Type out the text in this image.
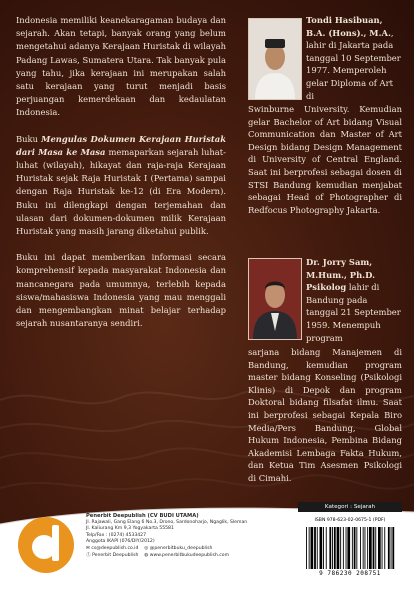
Indonesia memiliki keanekaragaman budaya dan sejarah. Akan tetapi, banyak orang yang belum mengetahui adanya Kerajaan Huristak di wilayah Padang Lawas, Sumatera Utara. Tak banyak pula yang tahu, jika kerajaan ini merupakan salah satu kerajaan yang turut menjadi basis perjuangan kemerdekaan dan kedaulatan Indonesia.

Buku Mengulas Dokumen Kerajaan Huristak dari Masa ke Masa memaparkan sejarah luhat-luhat (wilayah), hikayat dan raja-raja Kerajaan Huristak sejak Raja Huristak I (Pertama) sampai dengan Raja Huristak ke-12 (di Era Modern). Buku ini dilengkapi dengan terjemahan dan ulasan dari dokumen-dokumen milik Kerajaan Huristak yang masih jarang diketahui publik.

Buku ini dapat memberikan informasi secara komprehensif kepada masyarakat Indonesia dan mancanegara pada umumnya, terlebih kepada siswa/mahasiswa Indonesia yang mau menggali dan mengembangkan minat belajar terhadap sejarah nusantaranya sendiri.

Tondi Hasibuan, B.A. (Hons)., M.A., lahir di Jakarta pada tanggal 10 September 1977. Memperoleh gelar Diploma of Art di
Swinburne University. Kemudian gelar Bachelor of Art bidang Visual Communication dan Master of Art Design bidang Design Management di University of Central England. Saat ini berprofesi sebagai dosen di STSI Bandung kemudian menjabat sebagai Head of Photographer di Redfocus Photography Jakarta.
Dr. Jorry Sam, M.Hum., Ph.D. Psikolog lahir di Bandung pada tanggal 21 September 1959. Menempuh program
sarjana bidang Manajemen di Bandung, kemudian program master bidang Konseling (Psikologi Klinis) di Depok dan program Doktoral bidang filsafat ilmu. Saat ini berprofesi sebagai Kepala Biro Media/Pers Bandung, Global Hukum Indonesia, Pembina Bidang Akademisi Lembaga Fakta Hukum, dan Ketua Tim Asesmen Psikologi di Cimahi.
Penerbit Deepublish (CV BUDI UTAMA)
Jl. Rajawali, Gang Elang 6 No.3, Drono, Sardonoharjo, Ngaglik, Sleman
Jl. Kaliurang Km 9,3 Yogyakarta 55581
Telp/Fax : (0274) 4533427
Anggota IKAPI (076/DIY/2012)
✉ cs@deepublish.co.id ◎ @penerbitbuku_deepublish
ⓕ Penerbit Deepublish ◍ www.penerbitbukudeepublish.com
Kategori : Sejarah
ISBN 978-623-02-0675-1 (PDF)
9 786230 208751
